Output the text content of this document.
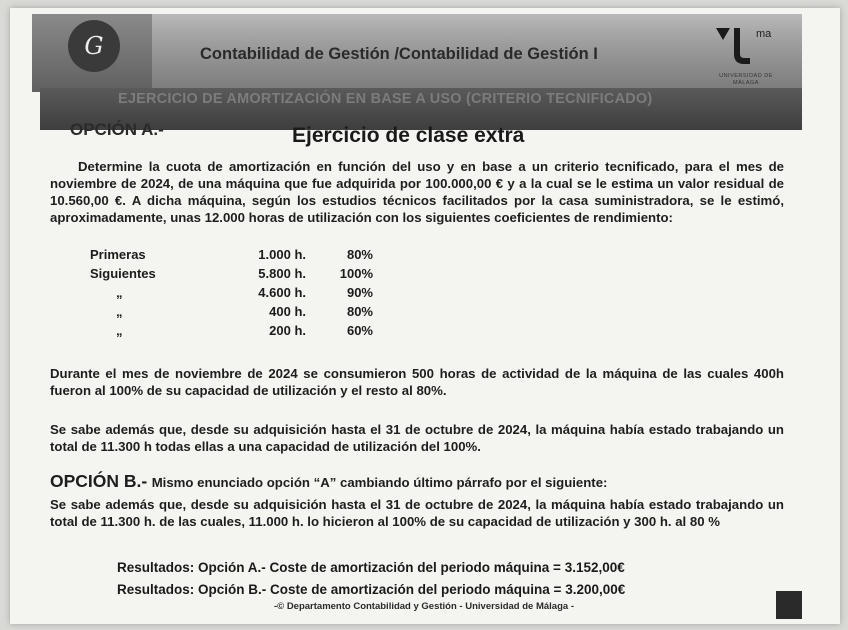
G	Contabilidad de Gestión /Contabilidad de Gestión I
ma
UNIVERSIDAD DE MÁLAGA
EJERCICIO DE AMORTIZACIÓN EN BASE A USO (CRITERIO TECNIFICADO)
OPCIÓN A.-	Ejercicio de clase extra
Determine la cuota de amortización en función del uso y en base a un criterio tecnificado, para el mes de noviembre de 2024, de una máquina que fue adquirida por 100.000,00 € y a la cual se le estima un valor residual de 10.560,00 €. A dicha máquina, según los estudios técnicos facilitados por la casa suministradora, se le estimó, aproximadamente, unas 12.000 horas de utilización con los siguientes coeficientes de rendimiento:
Primeras	1.000 h.	80%
Siguientes	5.800 h.	100%
„	4.600 h.	90%
„	400 h.	80%
„	200 h.	60%
Durante el mes de noviembre de 2024 se consumieron 500 horas de actividad de la máquina de las cuales 400h fueron al 100% de su capacidad de utilización y el resto al 80%.
Se sabe además que, desde su adquisición hasta el 31 de octubre de 2024, la máquina había estado trabajando un total de 11.300 h todas ellas a una capacidad de utilización del 100%.
OPCIÓN B.- Mismo enunciado opción “A” cambiando último párrafo por el siguiente:
Se sabe además que, desde su adquisición hasta el 31 de octubre de 2024, la máquina había estado trabajando un total de 11.300 h. de las cuales, 11.000 h. lo hicieron al 100% de su capacidad de utilización y 300 h. al 80 %
Resultados: Opción A.- Coste de amortización del periodo máquina = 3.152,00€
Resultados: Opción B.- Coste de amortización del periodo máquina = 3.200,00€
-© Departamento Contabilidad y Gestión - Universidad de Málaga -
